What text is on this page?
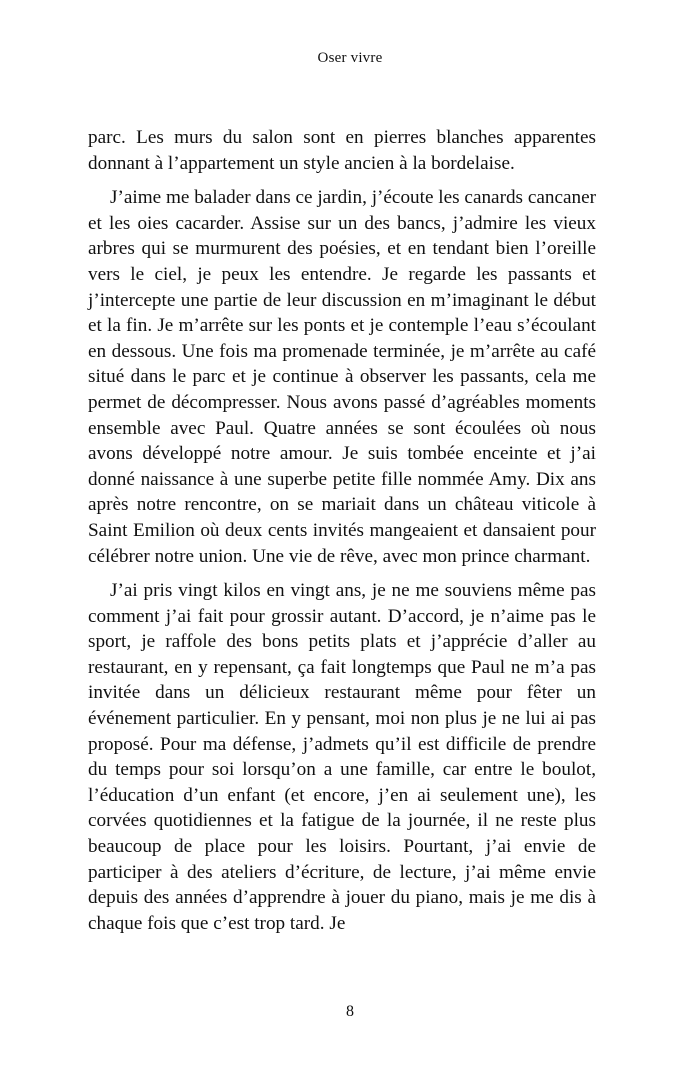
Oser vivre

parc. Les murs du salon sont en pierres blanches apparentes donnant à l’appartement un style ancien à la bordelaise.

J’aime me balader dans ce jardin, j’écoute les canards cancaner et les oies cacarder. Assise sur un des bancs, j’admire les vieux arbres qui se murmurent des poésies, et en tendant bien l’oreille vers le ciel, je peux les entendre. Je regarde les passants et j’intercepte une partie de leur discussion en m’imaginant le début et la fin. Je m’arrête sur les ponts et je contemple l’eau s’écoulant en dessous. Une fois ma promenade terminée, je m’arrête au café situé dans le parc et je continue à observer les passants, cela me permet de décompresser. Nous avons passé d’agréables moments ensemble avec Paul. Quatre années se sont écoulées où nous avons développé notre amour. Je suis tombée enceinte et j’ai donné naissance à une superbe petite fille nommée Amy. Dix ans après notre rencontre, on se mariait dans un château viticole à Saint Emilion où deux cents invités mangeaient et dansaient pour célébrer notre union. Une vie de rêve, avec mon prince charmant.

J’ai pris vingt kilos en vingt ans, je ne me souviens même pas comment j’ai fait pour grossir autant. D’accord, je n’aime pas le sport, je raffole des bons petits plats et j’apprécie d’aller au restaurant, en y repensant, ça fait longtemps que Paul ne m’a pas invitée dans un délicieux restaurant même pour fêter un événement particulier. En y pensant, moi non plus je ne lui ai pas proposé. Pour ma défense, j’admets qu’il est difficile de prendre du temps pour soi lorsqu’on a une famille, car entre le boulot, l’éducation d’un enfant (et encore, j’en ai seulement une), les corvées quotidiennes et la fatigue de la journée, il ne reste plus beaucoup de place pour les loisirs. Pourtant, j’ai envie de participer à des ateliers d’écriture, de lecture, j’ai même envie depuis des années d’apprendre à jouer du piano, mais je me dis à chaque fois que c’est trop tard. Je

8
